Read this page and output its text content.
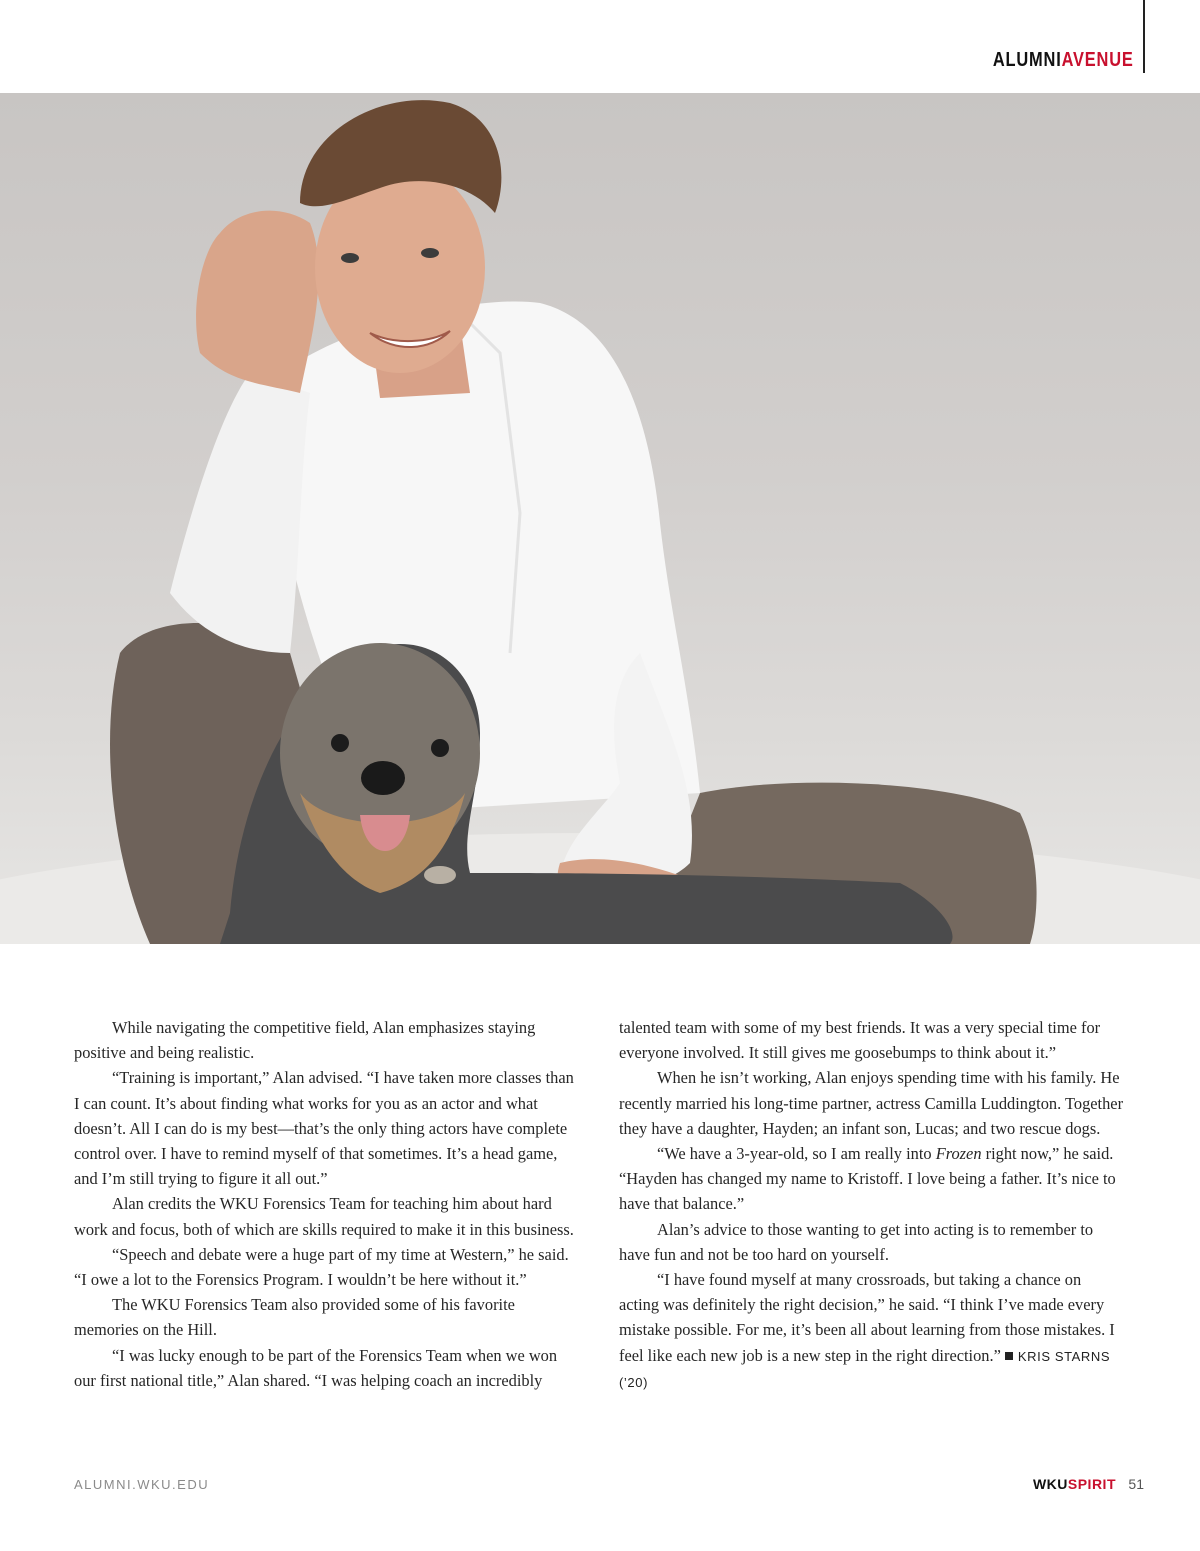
ALUMNIAVENUE

While navigating the competitive field, Alan emphasizes staying positive and being realistic.

“Training is important,” Alan advised. “I have taken more classes than I can count. It’s about finding what works for you as an actor and what doesn’t. All I can do is my best—that’s the only thing actors have complete control over. I have to remind myself of that sometimes. It’s a head game, and I’m still trying to figure it all out.”

Alan credits the WKU Forensics Team for teaching him about hard work and focus, both of which are skills required to make it in this business.

“Speech and debate were a huge part of my time at Western,” he said. “I owe a lot to the Forensics Program. I wouldn’t be here without it.”

The WKU Forensics Team also provided some of his favorite memories on the Hill.

“I was lucky enough to be part of the Forensics Team when we won our first national title,” Alan shared. “I was helping coach an incredibly

talented team with some of my best friends. It was a very special time for everyone involved. It still gives me goosebumps to think about it.”

When he isn’t working, Alan enjoys spending time with his family. He recently married his long-time partner, actress Camilla Luddington. Together they have a daughter, Hayden; an infant son, Lucas; and two rescue dogs.

“We have a 3-year-old, so I am really into Frozen right now,” he said. “Hayden has changed my name to Kristoff. I love being a father. It’s nice to have that balance.”

Alan’s advice to those wanting to get into acting is to remember to have fun and not be too hard on yourself.

“I have found myself at many crossroads, but taking a chance on acting was definitely the right decision,” he said. “I think I’ve made every mistake possible. For me, it’s been all about learning from those mistakes. I feel like each new job is a new step in the right direction.” KRIS STARNS (’20)

ALUMNI.WKU.EDU	WKUSPIRIT 51
